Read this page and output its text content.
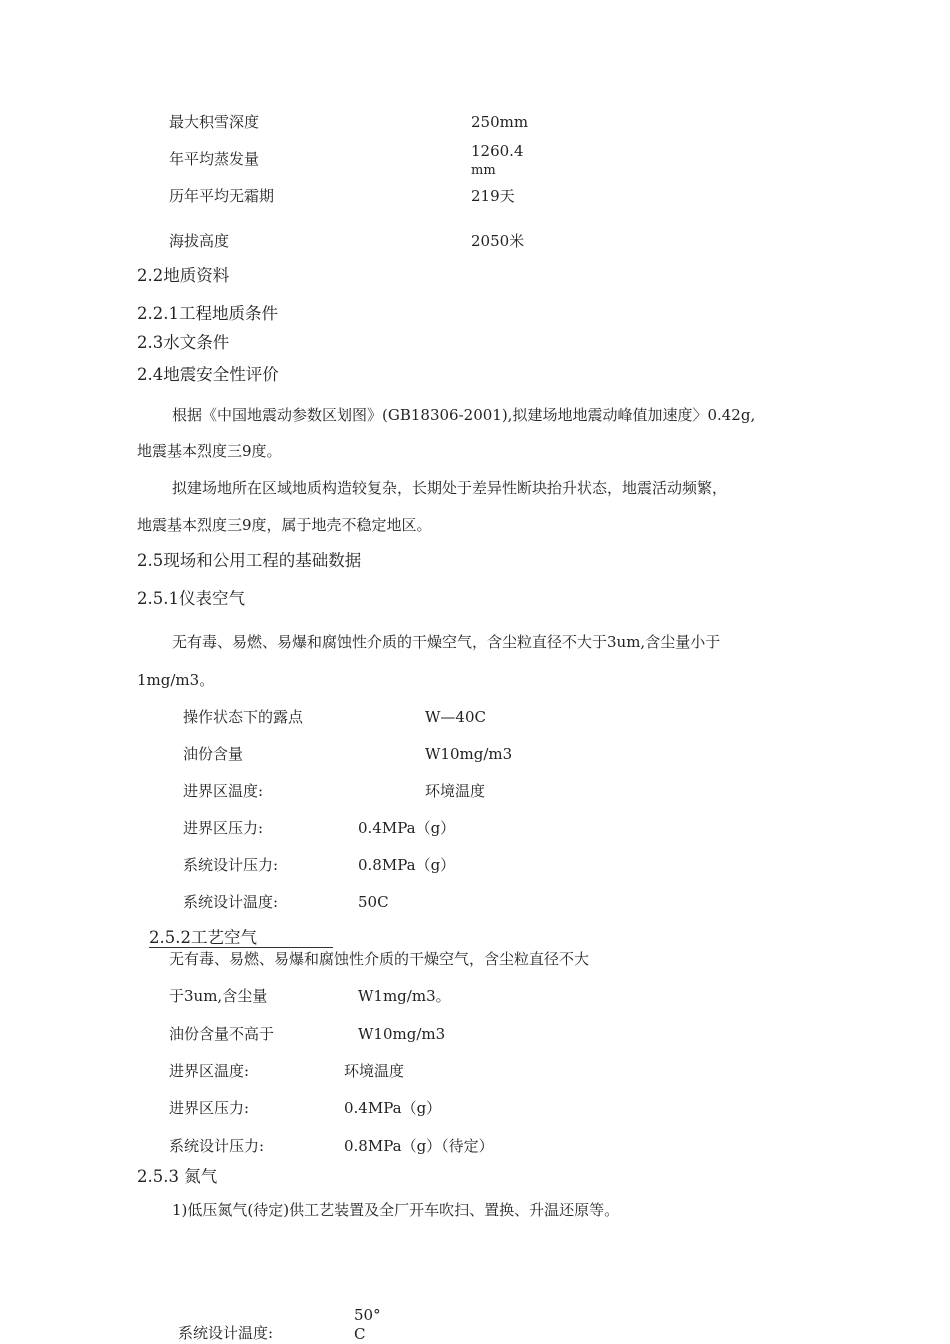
最大积雪深度	250mm
年平均蒸发量	1260.4
mm
历年平均无霜期	219天
海拔高度	2050米
2.2地质资料
2.2.1工程地质条件
2.3水文条件
2.4地震安全性评价
根据《中国地震动参数区划图》(GB18306-2001),拟建场地地震动峰值加速度〉0.42g,
地震基本烈度三9度。
拟建场地所在区域地质构造较复杂，长期处于差异性断块抬升状态，地震活动频繁，
地震基本烈度三9度，属于地壳不稳定地区。
2.5现场和公用工程的基础数据
2.5.1仪表空气
无有毒、易燃、易爆和腐蚀性介质的干燥空气，含尘粒直径不大于3um,含尘量小于
1mg/m3。
操作状态下的露点	W—40C
油份含量	W10mg/m3
进界区温度:	环境温度
进界区压力:	0.4MPa（g）
系统设计压力:	0.8MPa（g）
系统设计温度:	50C
2.5.2工艺空气
无有毒、易燃、易爆和腐蚀性介质的干燥空气，含尘粒直径不大
于3um,含尘量	W1mg/m3。
油份含量不高于	W10mg/m3
进界区温度:	环境温度
进界区压力:	0.4MPa（g）
系统设计压力:	0.8MPa（g）（待定）
2.5.3 氮气
1)低压氮气(待定)供工艺装置及全厂开车吹扫、置换、升温还原等。
系统设计温度:
50°
C
